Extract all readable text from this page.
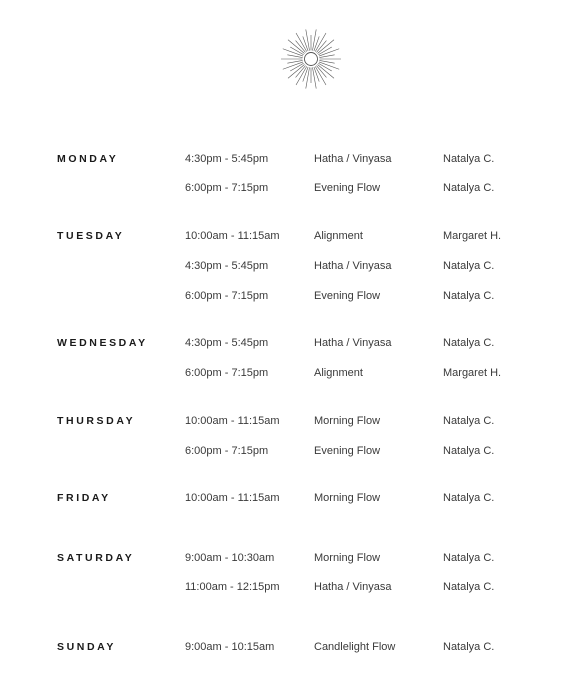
MONDAY	4:30pm - 5:45pm	Hatha / Vinyasa	Natalya C.
6:00pm - 7:15pm	Evening Flow	Natalya C.
TUESDAY	10:00am - 11:15am	Alignment	Margaret H.
4:30pm - 5:45pm	Hatha / Vinyasa	Natalya C.
6:00pm - 7:15pm	Evening Flow	Natalya C.
WEDNESDAY	4:30pm - 5:45pm	Hatha / Vinyasa	Natalya C.
6:00pm - 7:15pm	Alignment	Margaret H.
THURSDAY	10:00am - 11:15am	Morning Flow	Natalya C.
6:00pm - 7:15pm	Evening Flow	Natalya C.
FRIDAY	10:00am - 11:15am	Morning Flow	Natalya C.
SATURDAY	9:00am - 10:30am	Morning Flow	Natalya C.
11:00am - 12:15pm	Hatha / Vinyasa	Natalya C.
SUNDAY	9:00am - 10:15am	Candlelight Flow	Natalya C.
